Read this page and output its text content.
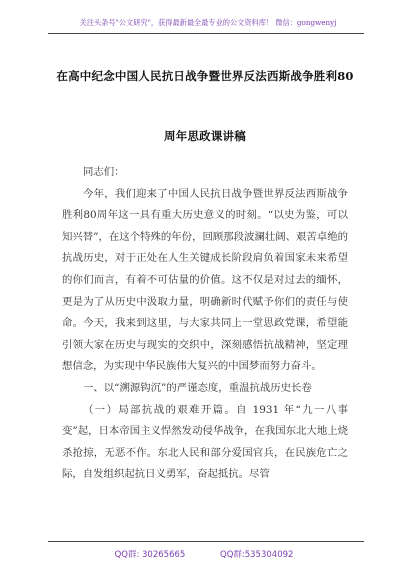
关注头条号"公文研究"，获得最新最全最专业的公文资料库！ 微信：gongwenyj
在高中纪念中国人民抗日战争暨世界反法西斯战争胜利80
周年思政课讲稿

同志们：

今年，我们迎来了中国人民抗日战争暨世界反法西斯战争胜利80周年这一具有重大历史意义的时刻。“以史为鉴，可以知兴替”，在这个特殊的年份，回顾那段波澜壮阔、艰苦卓绝的抗战历史，对于正处在人生关键成长阶段肩负着国家未来希望的你们而言，有着不可估量的价值。这不仅是对过去的缅怀，更是为了从历史中汲取力量，明确新时代赋予你们的责任与使命。今天，我来到这里，与大家共同上一堂思政党课，希望能引领大家在历史与现实的交织中，深刻感悟抗战精神，坚定理想信念，为实现中华民族伟大复兴的中国梦而努力奋斗。

一、以“溯源钩沉”的严谨态度，重温抗战历史长卷

（一）局部抗战的艰难开篇。自 1931 年“九一八事变”起，日本帝国主义悍然发动侵华战争，在我国东北大地上烧杀抢掠，无恶不作。东北人民和部分爱国官兵，在民族危亡之际，自发组织起抗日义勇军，奋起抵抗。尽管

QQ群: 30265665	QQ群:535304092
